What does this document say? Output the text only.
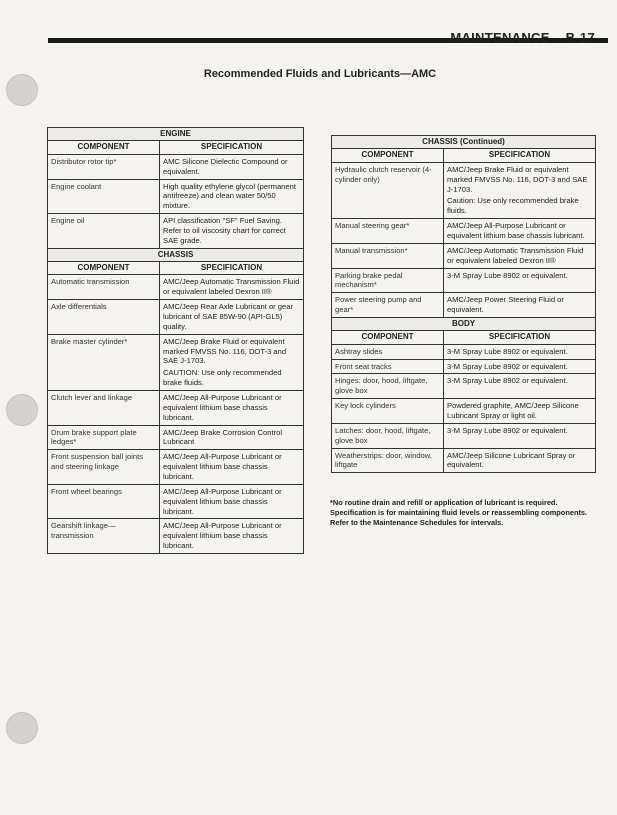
MAINTENANCE B-17
Recommended Fluids and Lubricants—AMC
ENGINE	
COMPONENT	SPECIFICATION
Distributor rotor tip*	AMC Silicone Dielectic Compound or equivalent.
Engine coolant	High quality ethylene glycol (permanent antifreeze) and clean water 50/50 mixture.
Engine oil	API classification "SF" Fuel Saving. Refer to oil viscosity chart for correct SAE grade.
CHASSIS	
COMPONENT	SPECIFICATION
Automatic transmission	AMC/Jeep Automatic Transmission Fluid or equivalent labeled Dexron II®
Axle differentials	AMC/Jeep Rear Axle Lubricant or gear lubricant of SAE 85W-90 (API-GL5) quality.
Brake master cylinder*	AMC/Jeep Brake Fluid or equivalent marked FMVSS No. 116, DOT-3 and SAE J-1703.
CAUTION: Use only recommended brake fluids.

Clutch lever and linkage	AMC/Jeep All-Purpose Lubricant or equivalent lithium base chassis lubricant.
Drum brake support plate ledges*	AMC/Jeep Brake Corrosion Control Lubricant
Front suspension ball joints and steering linkage	AMC/Jeep All-Purpose Lubricant or equivalent lithium base chassis lubricant.
Front wheel bearings	AMC/Jeep All-Purpose Lubricant or equivalent lithium base chassis lubricant.
Gearshift linkage— transmission	AMC/Jeep All-Purpose Lubricant or equivalent lithium base chassis lubricant.
CHASSIS (Continued)	
COMPONENT	SPECIFICATION
Hydraulic clutch reservoir (4-cylinder only)	AMC/Jeep Brake Fluid or equivalent marked FMVSS No. 116, DOT-3 and SAE J-1703.
Caution: Use only recommended brake fluids.

Manual steering gear*	AMC/Jeep All-Purpose Lubricant or equivalent lithium base chassis lubricant.
Manual transmission*	AMC/Jeep Automatic Transmission Fluid or equivalent labeled Dexron II®
Parking brake pedal mechanism*	3-M Spray Lube 8902 or equivalent.
Power steering pump and gear*	AMC/Jeep Power Steering Fluid or equivalent.
BODY	
COMPONENT	SPECIFICATION
Ashtray slides	3-M Spray Lube 8902 or equivalent.
Front seat tracks	3-M Spray Lube 8902 or equivalent.
Hinges: door, hood, liftgate, glove box	3-M Spray Lube 8902 or equivalent.
Key lock cylinders	Powdered graphite, AMC/Jeep Silicone Lubricant Spray or light oil.
Latches: door, hood, liftgate, glove box	3-M Spray Lube 8902 or equivalent.
Weatherstrips: door, window, liftgate	AMC/Jeep Silicone Lubricant Spray or equivalent.
*No routine drain and refill or application of lubricant is required. Specification is for maintaining fluid levels or reassembling components. Refer to the Maintenance Schedules for intervals.
